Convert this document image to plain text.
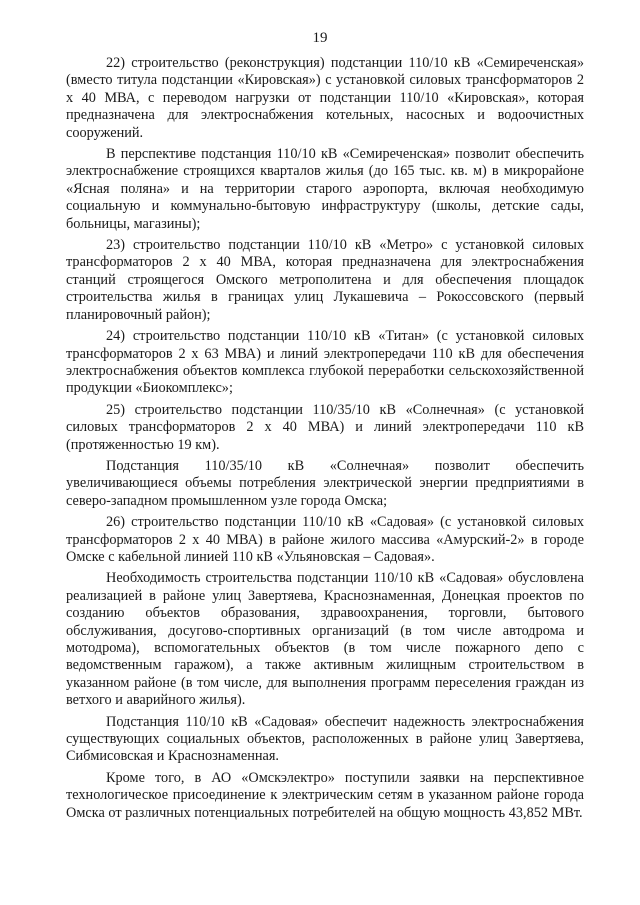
19

22) строительство (реконструкция) подстанции 110/10 кВ «Семиреченская» (вместо титула подстанции «Кировская») с установкой силовых трансформаторов 2 х 40 МВА, с переводом нагрузки от подстанции 110/10 «Кировская», которая предназначена для электроснабжения котельных, насосных и водоочистных сооружений.

В перспективе подстанция 110/10 кВ «Семиреченская» позволит обеспечить электроснабжение строящихся кварталов жилья (до 165 тыс. кв. м) в микрорайоне «Ясная поляна» и на территории старого аэропорта, включая необходимую социальную и коммунально-бытовую инфраструктуру (школы, детские сады, больницы, магазины);

23) строительство подстанции 110/10 кВ «Метро» с установкой силовых трансформаторов 2 х 40 МВА, которая предназначена для электроснабжения станций строящегося Омского метрополитена и для обеспечения площадок строительства жилья в границах улиц Лукашевича – Рокоссовского (первый планировочный район);

24) строительство подстанции 110/10 кВ «Титан» (с установкой силовых трансформаторов 2 х 63 МВА) и линий электропередачи 110 кВ для обеспечения электроснабжения объектов комплекса глубокой переработки сельскохозяйственной продукции «Биокомплекс»;

25) строительство подстанции 110/35/10 кВ «Солнечная» (с установкой силовых трансформаторов 2 х 40 МВА) и линий электропередачи 110 кВ (протяженностью 19 км).

Подстанция 110/35/10 кВ «Солнечная» позволит обеспечить увеличивающиеся объемы потребления электрической энергии предприятиями в северо-западном промышленном узле города Омска;

26) строительство подстанции 110/10 кВ «Садовая» (с установкой силовых трансформаторов 2 х 40 МВА) в районе жилого массива «Амурский-2» в городе Омске с кабельной линией 110 кВ «Ульяновская – Садовая».

Необходимость строительства подстанции 110/10 кВ «Садовая» обусловлена реализацией в районе улиц Завертяева, Краснознаменная, Донецкая проектов по созданию объектов образования, здравоохранения, торговли, бытового обслуживания, досугово-спортивных организаций (в том числе автодрома и мотодрома), вспомогательных объектов (в том числе пожарного депо с ведомственным гаражом), а также активным жилищным строительством в указанном районе (в том числе, для выполнения программ переселения граждан из ветхого и аварийного жилья).

Подстанция 110/10 кВ «Садовая» обеспечит надежность электроснабжения существующих социальных объектов, расположенных в районе улиц Завертяева, Сибмисовская и Краснознаменная.

Кроме того, в АО «Омскэлектро» поступили заявки на перспективное технологическое присоединение к электрическим сетям в указанном районе города Омска от различных потенциальных потребителей на общую мощность 43,852 МВт.
